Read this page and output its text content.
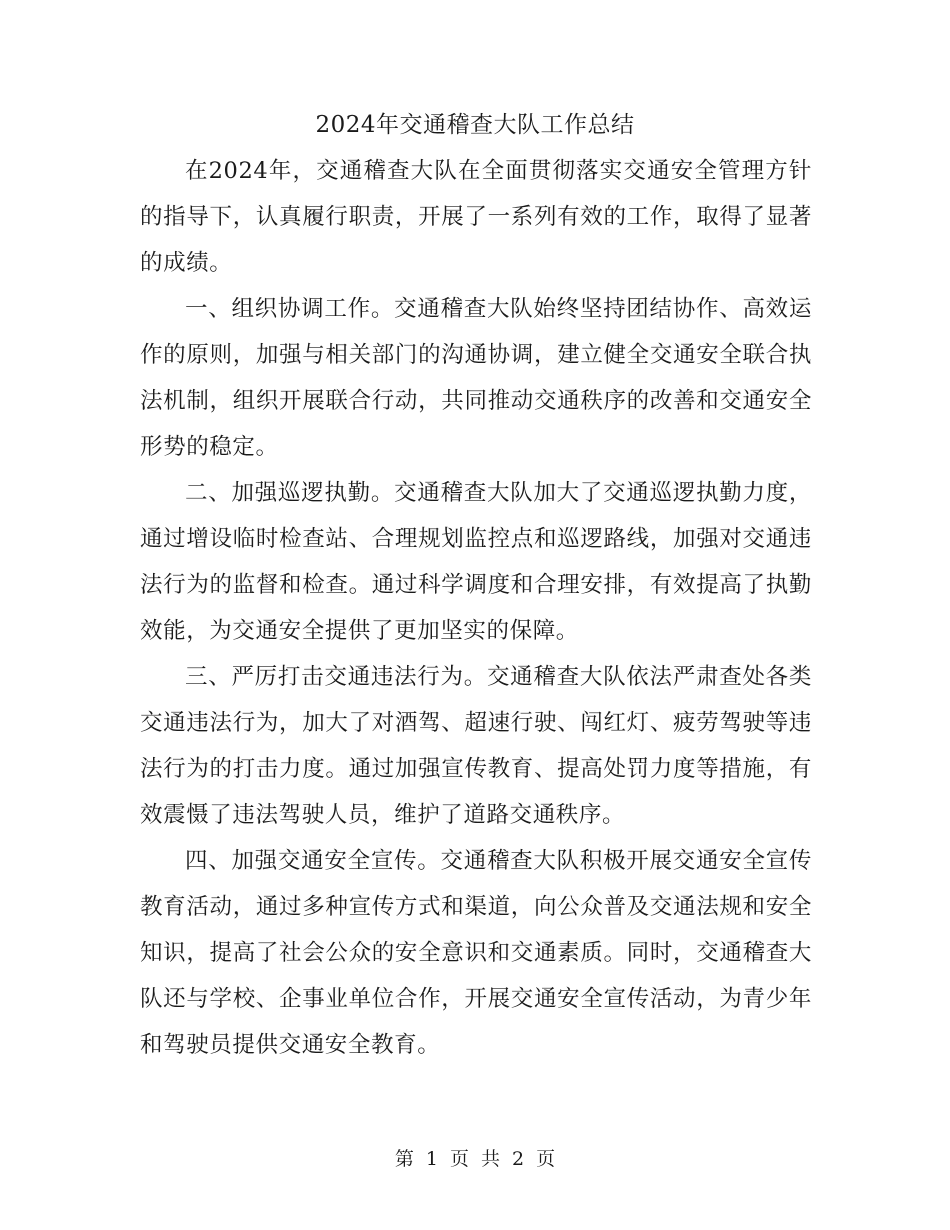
2024年交通稽查大队工作总结

在2024年，交通稽查大队在全面贯彻落实交通安全管理方针的指导下，认真履行职责，开展了一系列有效的工作，取得了显著的成绩。

一、组织协调工作。交通稽查大队始终坚持团结协作、高效运作的原则，加强与相关部门的沟通协调，建立健全交通安全联合执法机制，组织开展联合行动，共同推动交通秩序的改善和交通安全形势的稳定。

二、加强巡逻执勤。交通稽查大队加大了交通巡逻执勤力度，通过增设临时检查站、合理规划监控点和巡逻路线，加强对交通违法行为的监督和检查。通过科学调度和合理安排，有效提高了执勤效能，为交通安全提供了更加坚实的保障。

三、严厉打击交通违法行为。交通稽查大队依法严肃查处各类交通违法行为，加大了对酒驾、超速行驶、闯红灯、疲劳驾驶等违法行为的打击力度。通过加强宣传教育、提高处罚力度等措施，有效震慑了违法驾驶人员，维护了道路交通秩序。

四、加强交通安全宣传。交通稽查大队积极开展交通安全宣传教育活动，通过多种宣传方式和渠道，向公众普及交通法规和安全知识，提高了社会公众的安全意识和交通素质。同时，交通稽查大队还与学校、企事业单位合作，开展交通安全宣传活动，为青少年和驾驶员提供交通安全教育。

第 1 页 共 2 页
